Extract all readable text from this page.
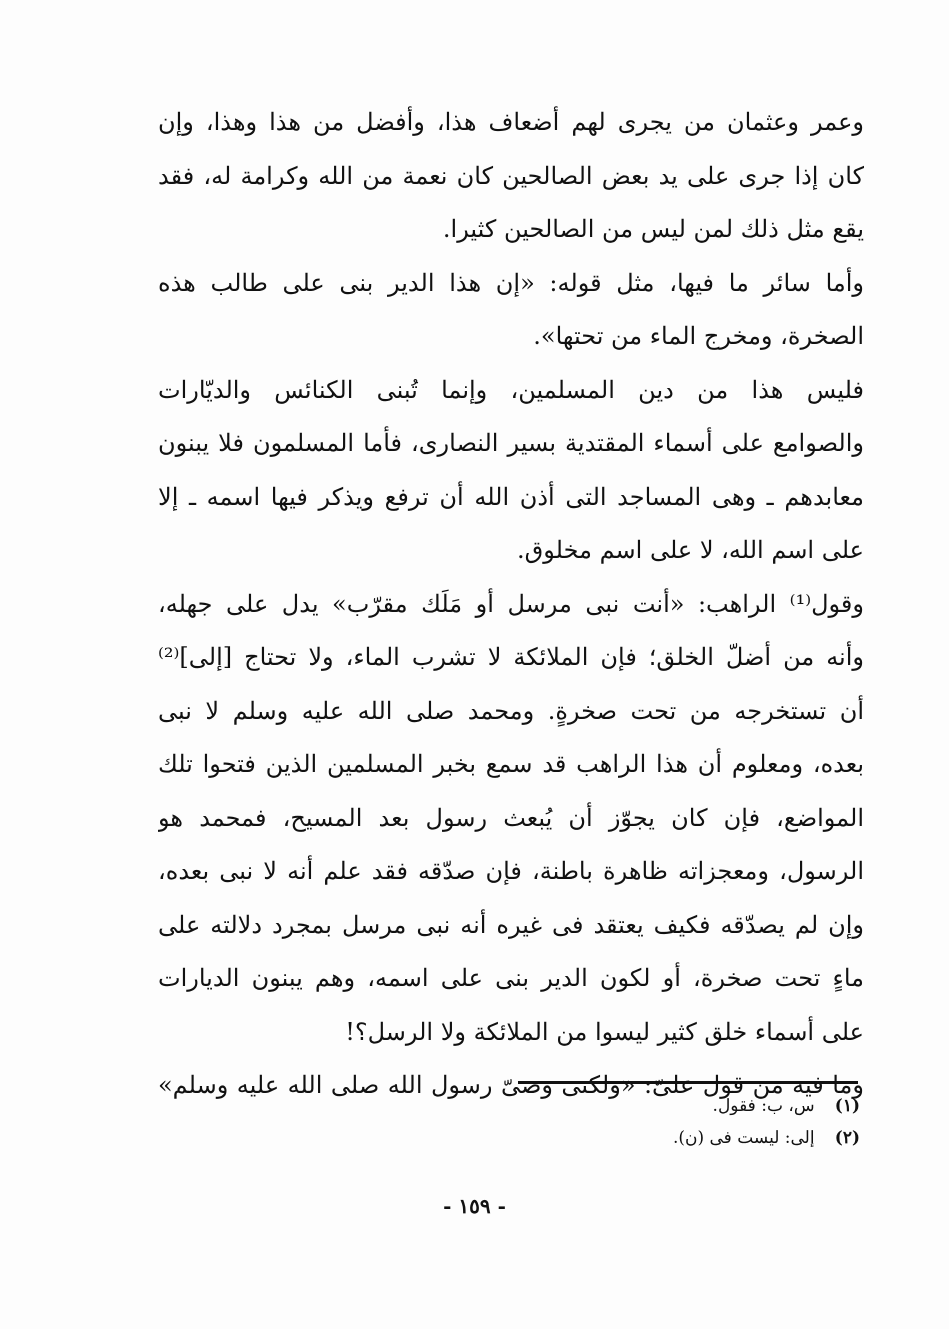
وعمر وعثمان من يجرى لهم أضعاف هذا، وأفضل من هذا وهذا، وإن
كان إذا جرى على يد بعض الصالحين كان نعمة من الله وكرامة له، فقد
يقع مثل ذلك لمن ليس من الصالحين كثيرا.
وأما سائر ما فيها، مثل قوله: «إن هذا الدير بنى على طالب هذه
الصخرة، ومخرج الماء من تحتها».
فليس هذا من دين المسلمين، وإنما تُبنى الكنائس والديّارات
والصوامع على أسماء المقتدية بسير النصارى، فأما المسلمون فلا يبنون
معابدهم ـ وهى المساجد التى أذن الله أن ترفع ويذكر فيها اسمه ـ إلا
على اسم الله، لا على اسم مخلوق.
وقول⁽¹⁾ الراهب: «أنت نبى مرسل أو مَلَك مقرّب» يدل على جهله،
وأنه من أضلّ الخلق؛ فإن الملائكة لا تشرب الماء، ولا تحتاج [إلى]⁽²⁾
أن تستخرجه من تحت صخرةٍ. ومحمد صلى الله عليه وسلم لا نبى
بعده، ومعلوم أن هذا الراهب قد سمع بخبر المسلمين الذين فتحوا تلك
المواضع، فإن كان يجوّز أن يُبعث رسول بعد المسيح، فمحمد هو
الرسول، ومعجزاته ظاهرة باطنة، فإن صدّقه فقد علم أنه لا نبى بعده،
وإن لم يصدّقه فكيف يعتقد فى غيره أنه نبى مرسل بمجرد دلالته على
ماءٍ تحت صخرة، أو لكون الدير بنى على اسمه، وهم يبنون الديارات
على أسماء خلق كثير ليسوا من الملائكة ولا الرسل؟!
وما فيه من قول علىّ: «ولكنى وصىّ رسول الله صلى الله عليه وسلم»
(١) س، ب: فقول.
(٢) إلى: ليست فى (ن).
- ١٥٩ -
